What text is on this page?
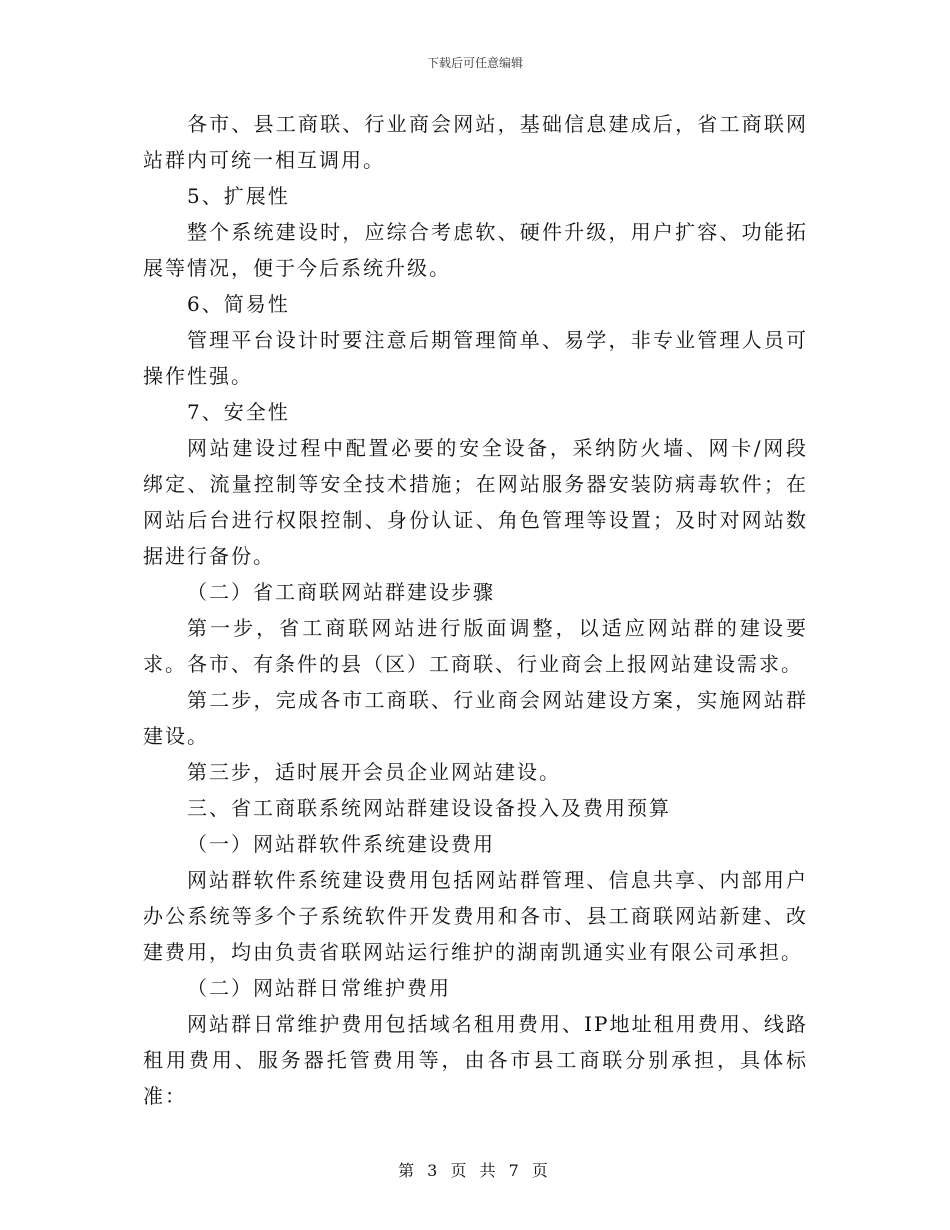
下载后可任意编辑

各市、县工商联、行业商会网站，基础信息建成后，省工商联网站群内可统一相互调用。

5、扩展性

整个系统建设时，应综合考虑软、硬件升级，用户扩容、功能拓展等情况，便于今后系统升级。

6、简易性

管理平台设计时要注意后期管理简单、易学，非专业管理人员可操作性强。

7、安全性

网站建设过程中配置必要的安全设备，采纳防火墙、网卡/网段绑定、流量控制等安全技术措施；在网站服务器安装防病毒软件；在网站后台进行权限控制、身份认证、角色管理等设置；及时对网站数据进行备份。

（二）省工商联网站群建设步骤

第一步，省工商联网站进行版面调整，以适应网站群的建设要求。各市、有条件的县（区）工商联、行业商会上报网站建设需求。

第二步，完成各市工商联、行业商会网站建设方案，实施网站群建设。

第三步，适时展开会员企业网站建设。

三、省工商联系统网站群建设设备投入及费用预算

（一）网站群软件系统建设费用

网站群软件系统建设费用包括网站群管理、信息共享、内部用户办公系统等多个子系统软件开发费用和各市、县工商联网站新建、改建费用，均由负责省联网站运行维护的湖南凯通实业有限公司承担。

（二）网站群日常维护费用

网站群日常维护费用包括域名租用费用、IP地址租用费用、线路租用费用、服务器托管费用等，由各市县工商联分别承担，具体标准：

第 3 页 共 7 页
